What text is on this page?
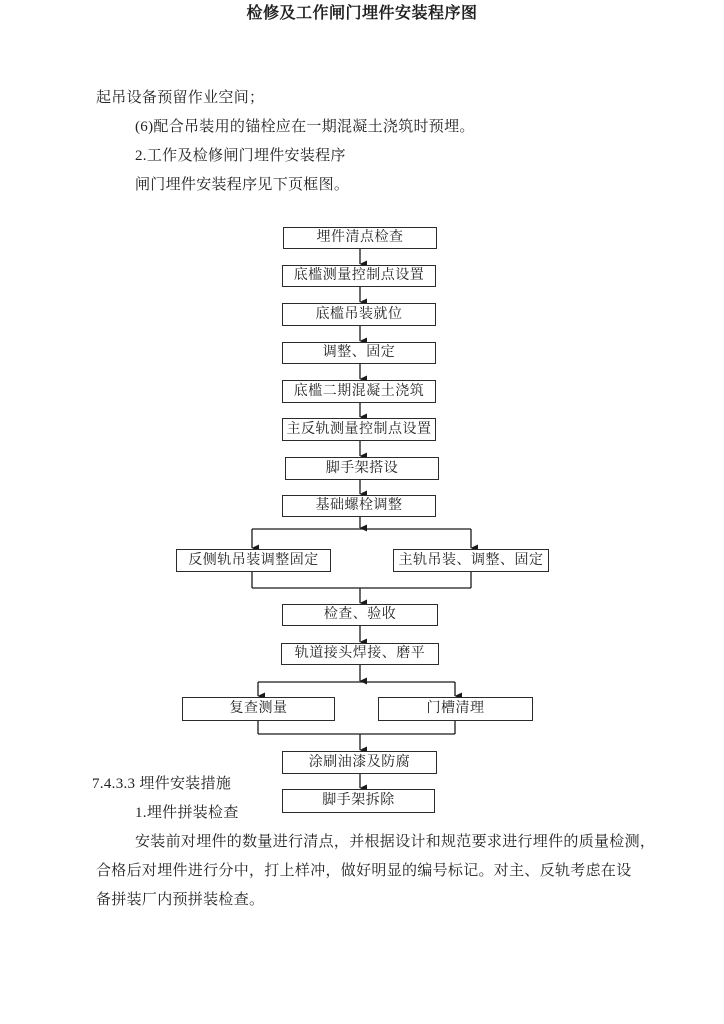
起吊设备预留作业空间；
(6)配合吊装用的锚栓应在一期混凝土浇筑时预埋。
2.工作及检修闸门埋件安装程序
闸门埋件安装程序见下页框图。
检修及工作闸门埋件安装程序图
埋件清点检查
底槛测量控制点设置
底槛吊装就位
调整、固定
底槛二期混凝土浇筑
主反轨测量控制点设置
脚手架搭设
基础螺栓调整
反侧轨吊装调整固定	主轨吊装、调整、固定
检查、验收
轨道接头焊接、磨平
复查测量	门槽清理
涂刷油漆及防腐
脚手架拆除
7.4.3.3 埋件安装措施
1.埋件拼装检查
安装前对埋件的数量进行清点，并根据设计和规范要求进行埋件的质量检测，
合格后对埋件进行分中，打上样冲，做好明显的编号标记。对主、反轨考虑在设
备拼装厂内预拼装检查。
